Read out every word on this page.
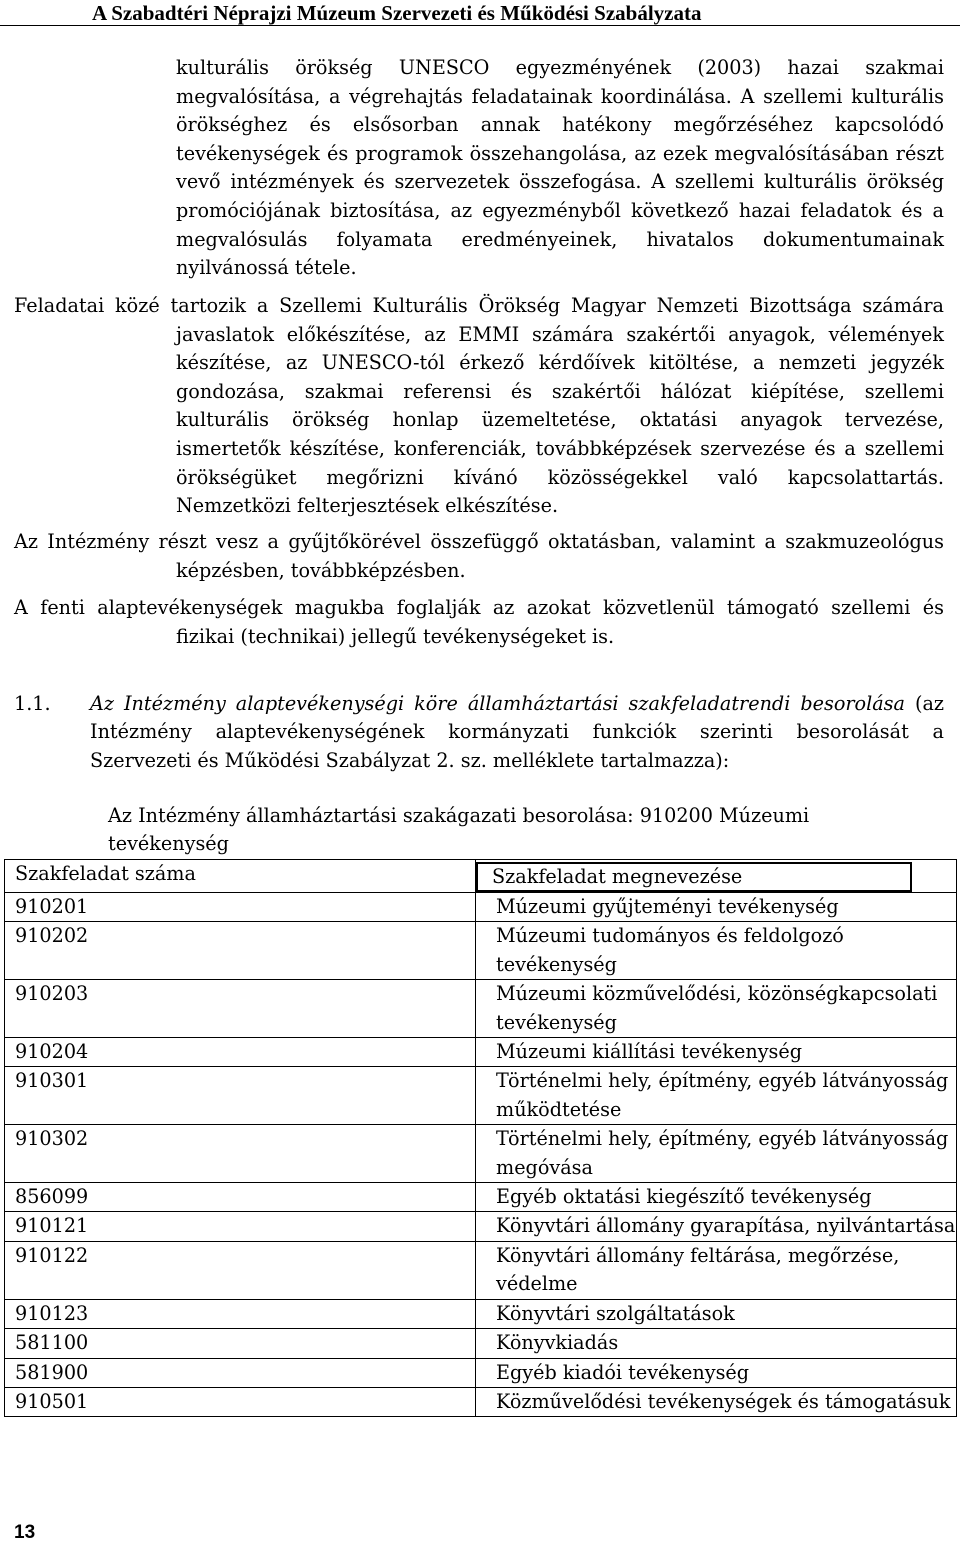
A Szabadtéri Néprajzi Múzeum Szervezeti és Működési Szabályzata

kulturális örökség UNESCO egyezményének (2003) hazai szakmai megvalósítása, a végrehajtás feladatainak koordinálása. A szellemi kulturális örökséghez és elsősorban annak hatékony megőrzéséhez kapcsolódó tevékenységek és programok összehangolása, az ezek megvalósításában részt vevő intézmények és szervezetek összefogása. A szellemi kulturális örökség promóciójának biztosítása, az egyezményből következő hazai feladatok és a megvalósulás folyamata eredményeinek, hivatalos dokumentumainak nyilvánossá tétele.

Feladatai közé tartozik a Szellemi Kulturális Örökség Magyar Nemzeti Bizottsága számára javaslatok előkészítése, az EMMI számára szakértői anyagok, vélemények készítése, az UNESCO-tól érkező kérdőívek kitöltése, a nemzeti jegyzék gondozása, szakmai referensi és szakértői hálózat kiépítése, szellemi kulturális örökség honlap üzemeltetése, oktatási anyagok tervezése, ismertetők készítése, konferenciák, továbbképzések szervezése és a szellemi örökségüket megőrizni kívánó közösségekkel való kapcsolattartás. Nemzetközi felterjesztések elkészítése.

Az Intézmény részt vesz a gyűjtőkörével összefüggő oktatásban, valamint a szakmuzeológus képzésben, továbbképzésben.

A fenti alaptevékenységek magukba foglalják az azokat közvetlenül támogató szellemi és fizikai (technikai) jellegű tevékenységeket is.

1.1.	Az Intézmény alaptevékenységi köre államháztartási szakfeladatrendi besorolása (az Intézmény alaptevékenységének kormányzati funkciók szerinti besorolását a Szervezeti és Működési Szabályzat 2. sz. melléklete tartalmazza):
Az Intézmény államháztartási szakágazati besorolása: 910200 Múzeumi tevékenység
Szakfeladat száma	Szakfeladat megnevezése
910201	Múzeumi gyűjteményi tevékenység
910202	Múzeumi tudományos és feldolgozó tevékenység
910203	Múzeumi közművelődési, közönségkapcsolati tevékenység
910204	Múzeumi kiállítási tevékenység
910301	Történelmi hely, építmény, egyéb látványosság működtetése
910302	Történelmi hely, építmény, egyéb látványosság megóvása
856099	Egyéb oktatási kiegészítő tevékenység
910121	Könyvtári állomány gyarapítása, nyilvántartása
910122	Könyvtári állomány feltárása, megőrzése, védelme
910123	Könyvtári szolgáltatások
581100	Könyvkiadás
581900	Egyéb kiadói tevékenység
910501	Közművelődési tevékenységek és támogatásuk
13
